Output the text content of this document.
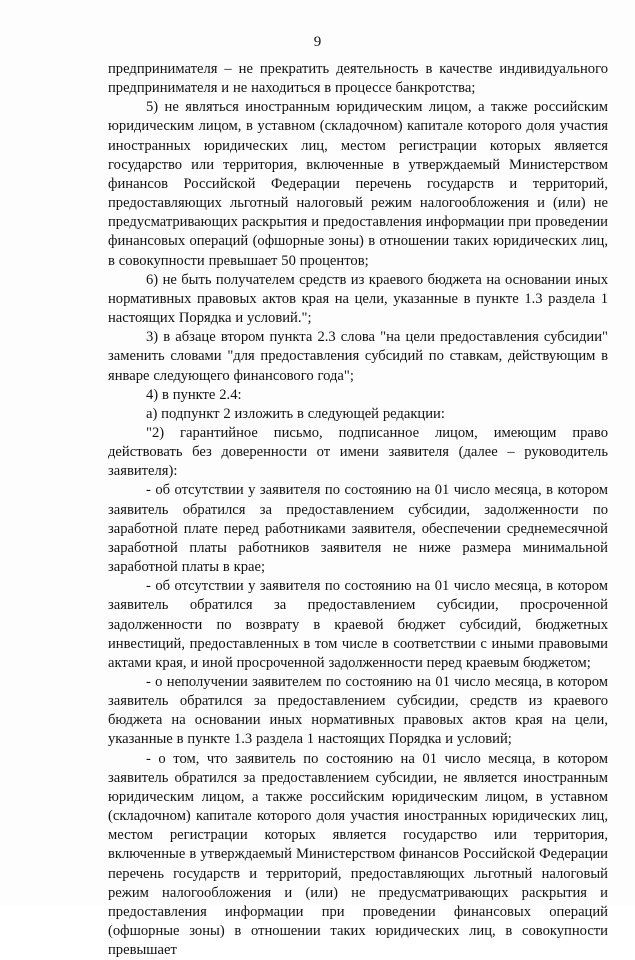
9

предпринимателя – не прекратить деятельность в качестве индивидуального предпринимателя и не находиться в процессе банкротства;

5) не являться иностранным юридическим лицом, а также российским юридическим лицом, в уставном (складочном) капитале которого доля участия иностранных юридических лиц, местом регистрации которых является государство или территория, включенные в утверждаемый Министерством финансов Российской Федерации перечень государств и территорий, предоставляющих льготный налоговый режим налогообложения и (или) не предусматривающих раскрытия и предоставления информации при проведении финансовых операций (офшорные зоны) в отношении таких юридических лиц, в совокупности превышает 50 процентов;

6) не быть получателем средств из краевого бюджета на основании иных нормативных правовых актов края на цели, указанные в пункте 1.3 раздела 1 настоящих Порядка и условий.";

3) в абзаце втором пункта 2.3 слова "на цели предоставления субсидии" заменить словами "для предоставления субсидий по ставкам, действующим в январе следующего финансового года";

4) в пункте 2.4:

а) подпункт 2 изложить в следующей редакции:

"2) гарантийное письмо, подписанное лицом, имеющим право действовать без доверенности от имени заявителя (далее – руководитель заявителя):

- об отсутствии у заявителя по состоянию на 01 число месяца, в котором заявитель обратился за предоставлением субсидии, задолженности по заработной плате перед работниками заявителя, обеспечении среднемесячной заработной платы работников заявителя не ниже размера минимальной заработной платы в крае;

- об отсутствии у заявителя по состоянию на 01 число месяца, в котором заявитель обратился за предоставлением субсидии, просроченной задолженности по возврату в краевой бюджет субсидий, бюджетных инвестиций, предоставленных в том числе в соответствии с иными правовыми актами края, и иной просроченной задолженности перед краевым бюджетом;

- о неполучении заявителем по состоянию на 01 число месяца, в котором заявитель обратился за предоставлением субсидии, средств из краевого бюджета на основании иных нормативных правовых актов края на цели, указанные в пункте 1.3 раздела 1 настоящих Порядка и условий;

- о том, что заявитель по состоянию на 01 число месяца, в котором заявитель обратился за предоставлением субсидии, не является иностранным юридическим лицом, а также российским юридическим лицом, в уставном (складочном) капитале которого доля участия иностранных юридических лиц, местом регистрации которых является государство или территория, включенные в утверждаемый Министерством финансов Российской Федерации перечень государств и территорий, предоставляющих льготный налоговый режим налогообложения и (или) не предусматривающих раскрытия и предоставления информации при проведении финансовых операций (офшорные зоны) в отношении таких юридических лиц, в совокупности превышает
